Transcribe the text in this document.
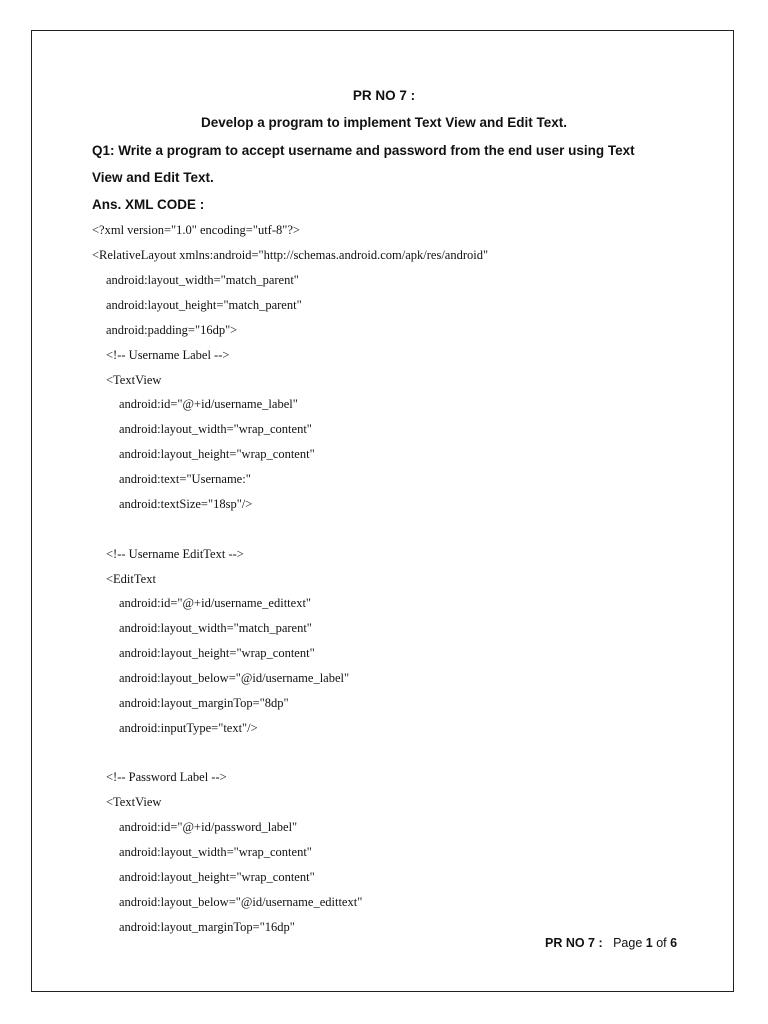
PR NO 7 :
Develop a program to implement Text View and Edit Text.
Q1: Write a program to accept username and password from the end user using Text
View and Edit Text.
Ans. XML CODE :
<?xml version="1.0" encoding="utf-8"?>
<RelativeLayout xmlns:android="http://schemas.android.com/apk/res/android"
android:layout_width="match_parent"
android:layout_height="match_parent"
android:padding="16dp">
<!-- Username Label -->
<TextView
android:id="@+id/username_label"
android:layout_width="wrap_content"
android:layout_height="wrap_content"
android:text="Username:"
android:textSize="18sp"/>
<!-- Username EditText -->
<EditText
android:id="@+id/username_edittext"
android:layout_width="match_parent"
android:layout_height="wrap_content"
android:layout_below="@id/username_label"
android:layout_marginTop="8dp"
android:inputType="text"/>
<!-- Password Label -->
<TextView
android:id="@+id/password_label"
android:layout_width="wrap_content"
android:layout_height="wrap_content"
android:layout_below="@id/username_edittext"
android:layout_marginTop="16dp"
PR NO 7 : Page 1 of 6
